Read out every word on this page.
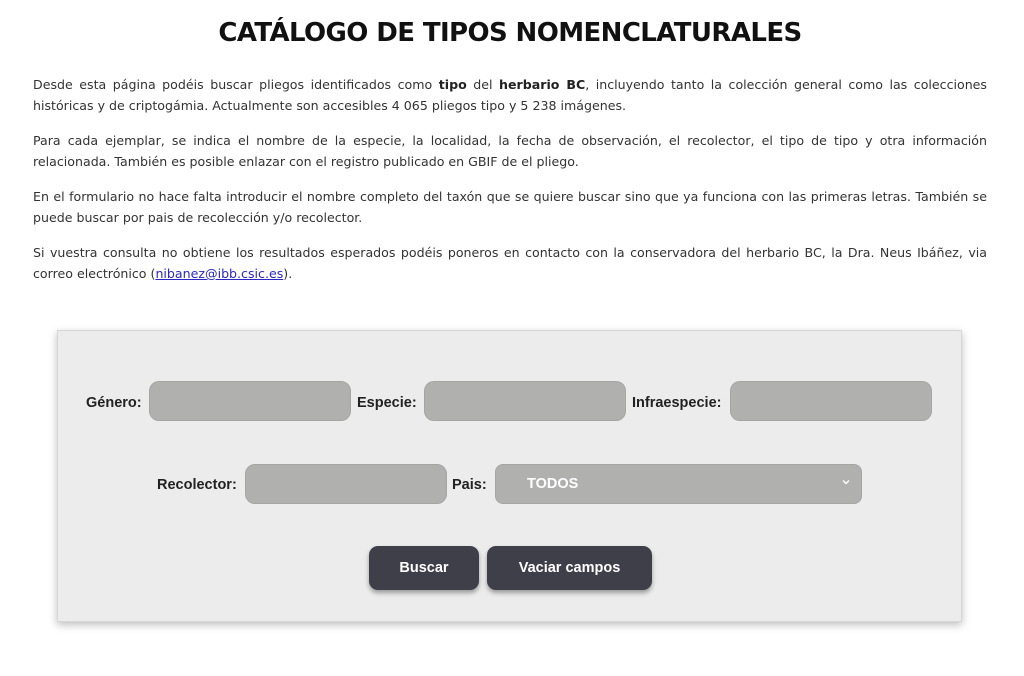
CATÁLOGO DE TIPOS NOMENCLATURALES

Desde esta página podéis buscar pliegos identificados como tipo del herbario BC, incluyendo tanto la colección general como las colecciones históricas y de criptogámia. Actualmente son accesibles 4 065 pliegos tipo y 5 238 imágenes.

Para cada ejemplar, se indica el nombre de la especie, la localidad, la fecha de observación, el recolector, el tipo de tipo y otra información relacionada. También es posible enlazar con el registro publicado en GBIF de el pliego.

En el formulario no hace falta introducir el nombre completo del taxón que se quiere buscar sino que ya funciona con las primeras letras. También se puede buscar por pais de recolección y/o recolector.

Si vuestra consulta no obtiene los resultados esperados podéis poneros en contacto con la conservadora del herbario BC, la Dra. Neus Ibáñez, via correo electrónico (nibanez@ibb.csic.es).

Género:	Especie:	Infraespecie:
Recolector:	Pais:	TODOS
Buscar	Vaciar campos
